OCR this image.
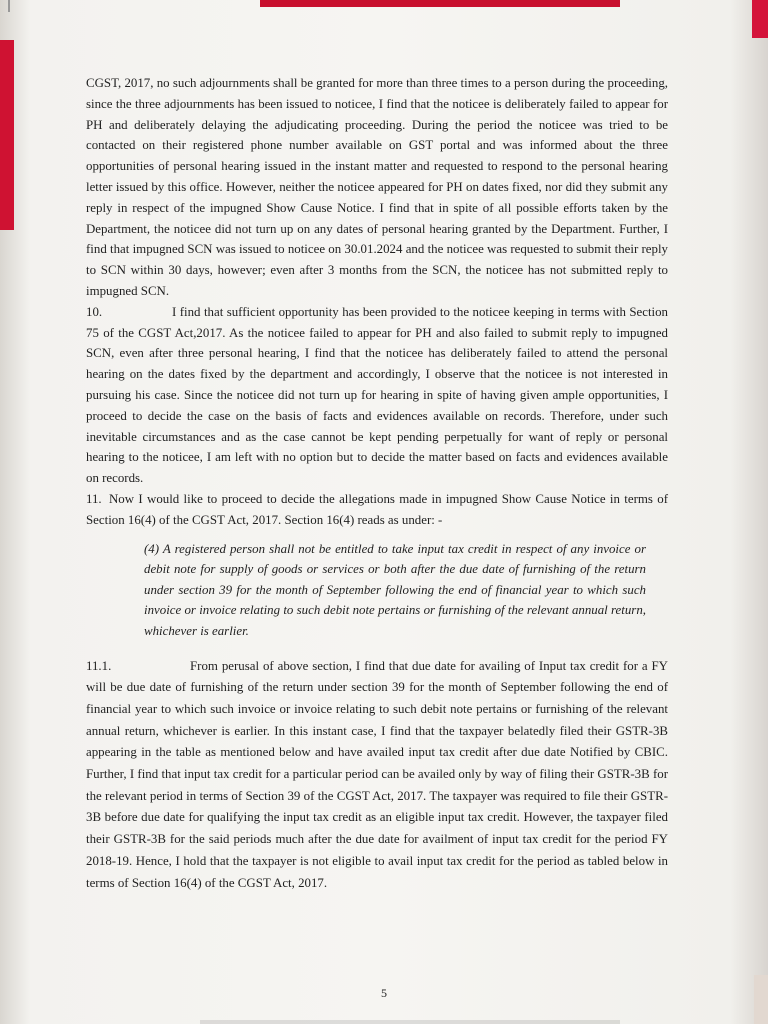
CGST, 2017, no such adjournments shall be granted for more than three times to a person during the proceeding, since the three adjournments has been issued to noticee, I find that the noticee is deliberately failed to appear for PH and deliberately delaying the adjudicating proceeding. During the period the noticee was tried to be contacted on their registered phone number available on GST portal and was informed about the three opportunities of personal hearing issued in the instant matter and requested to respond to the personal hearing letter issued by this office. However, neither the noticee appeared for PH on dates fixed, nor did they submit any reply in respect of the impugned Show Cause Notice. I find that in spite of all possible efforts taken by the Department, the noticee did not turn up on any dates of personal hearing granted by the Department. Further, I find that impugned SCN was issued to noticee on 30.01.2024 and the noticee was requested to submit their reply to SCN within 30 days, however; even after 3 months from the SCN, the noticee has not submitted reply to impugned SCN.

10.	I find that sufficient opportunity has been provided to the noticee keeping in terms with Section 75 of the CGST Act,2017. As the noticee failed to appear for PH and also failed to submit reply to impugned SCN, even after three personal hearing, I find that the noticee has deliberately failed to attend the personal hearing on the dates fixed by the department and accordingly, I observe that the noticee is not interested in pursuing his case. Since the noticee did not turn up for hearing in spite of having given ample opportunities, I proceed to decide the case on the basis of facts and evidences available on records. Therefore, under such inevitable circumstances and as the case cannot be kept pending perpetually for want of reply or personal hearing to the noticee, I am left with no option but to decide the matter based on facts and evidences available on records.

11. Now I would like to proceed to decide the allegations made in impugned Show Cause Notice in terms of Section 16(4) of the CGST Act, 2017. Section 16(4) reads as under: -

(4) A registered person shall not be entitled to take input tax credit in respect of any invoice or debit note for supply of goods or services or both after the due date of furnishing of the return under section 39 for the month of September following the end of financial year to which such invoice or invoice relating to such debit note pertains or furnishing of the relevant annual return, whichever is earlier.

11.1.	From perusal of above section, I find that due date for availing of Input tax credit for a FY will be due date of furnishing of the return under section 39 for the month of September following the end of financial year to which such invoice or invoice relating to such debit note pertains or furnishing of the relevant annual return, whichever is earlier. In this instant case, I find that the taxpayer belatedly filed their GSTR-3B appearing in the table as mentioned below and have availed input tax credit after due date Notified by CBIC. Further, I find that input tax credit for a particular period can be availed only by way of filing their GSTR-3B for the relevant period in terms of Section 39 of the CGST Act, 2017. The taxpayer was required to file their GSTR-3B before due date for qualifying the input tax credit as an eligible input tax credit. However, the taxpayer filed their GSTR-3B for the said periods much after the due date for availment of input tax credit for the period FY 2018-19. Hence, I hold that the taxpayer is not eligible to avail input tax credit for the period as tabled below in terms of Section 16(4) of the CGST Act, 2017.

5
